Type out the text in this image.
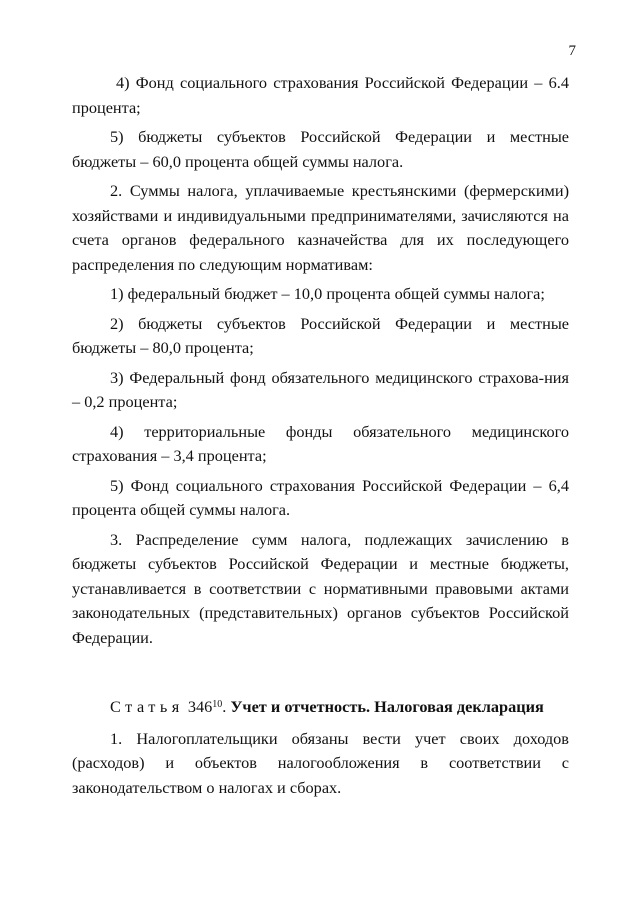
7

4) Фонд социального страхования Российской Федерации – 6.4 процента;

5) бюджеты субъектов Российской Федерации и местные бюджеты – 60,0 процента общей суммы налога.

2. Суммы налога, уплачиваемые крестьянскими (фермерскими) хозяйствами и индивидуальными предпринимателями, зачисляются на счета органов федерального казначейства для их последующего распределения по следующим нормативам:

1) федеральный бюджет – 10,0 процента общей суммы налога;

2) бюджеты субъектов Российской Федерации и местные бюджеты – 80,0 процента;

3) Федеральный фонд обязательного медицинского страхова-ния – 0,2 процента;

4) территориальные фонды обязательного медицинского страхования – 3,4 процента;

5) Фонд социального страхования Российской Федерации – 6,4 процента общей суммы налога.

3. Распределение сумм налога, подлежащих зачислению в бюджеты субъектов Российской Федерации и местные бюджеты, устанавливается в соответствии с нормативными правовыми актами законодательных (представительных) органов субъектов Российской Федерации.

Статья $346^{10}$. Учет и отчетность. Налоговая декларация

1. Налогоплательщики обязаны вести учет своих доходов (расходов) и объектов налогообложения в соответствии с законодательством о налогах и сборах.
